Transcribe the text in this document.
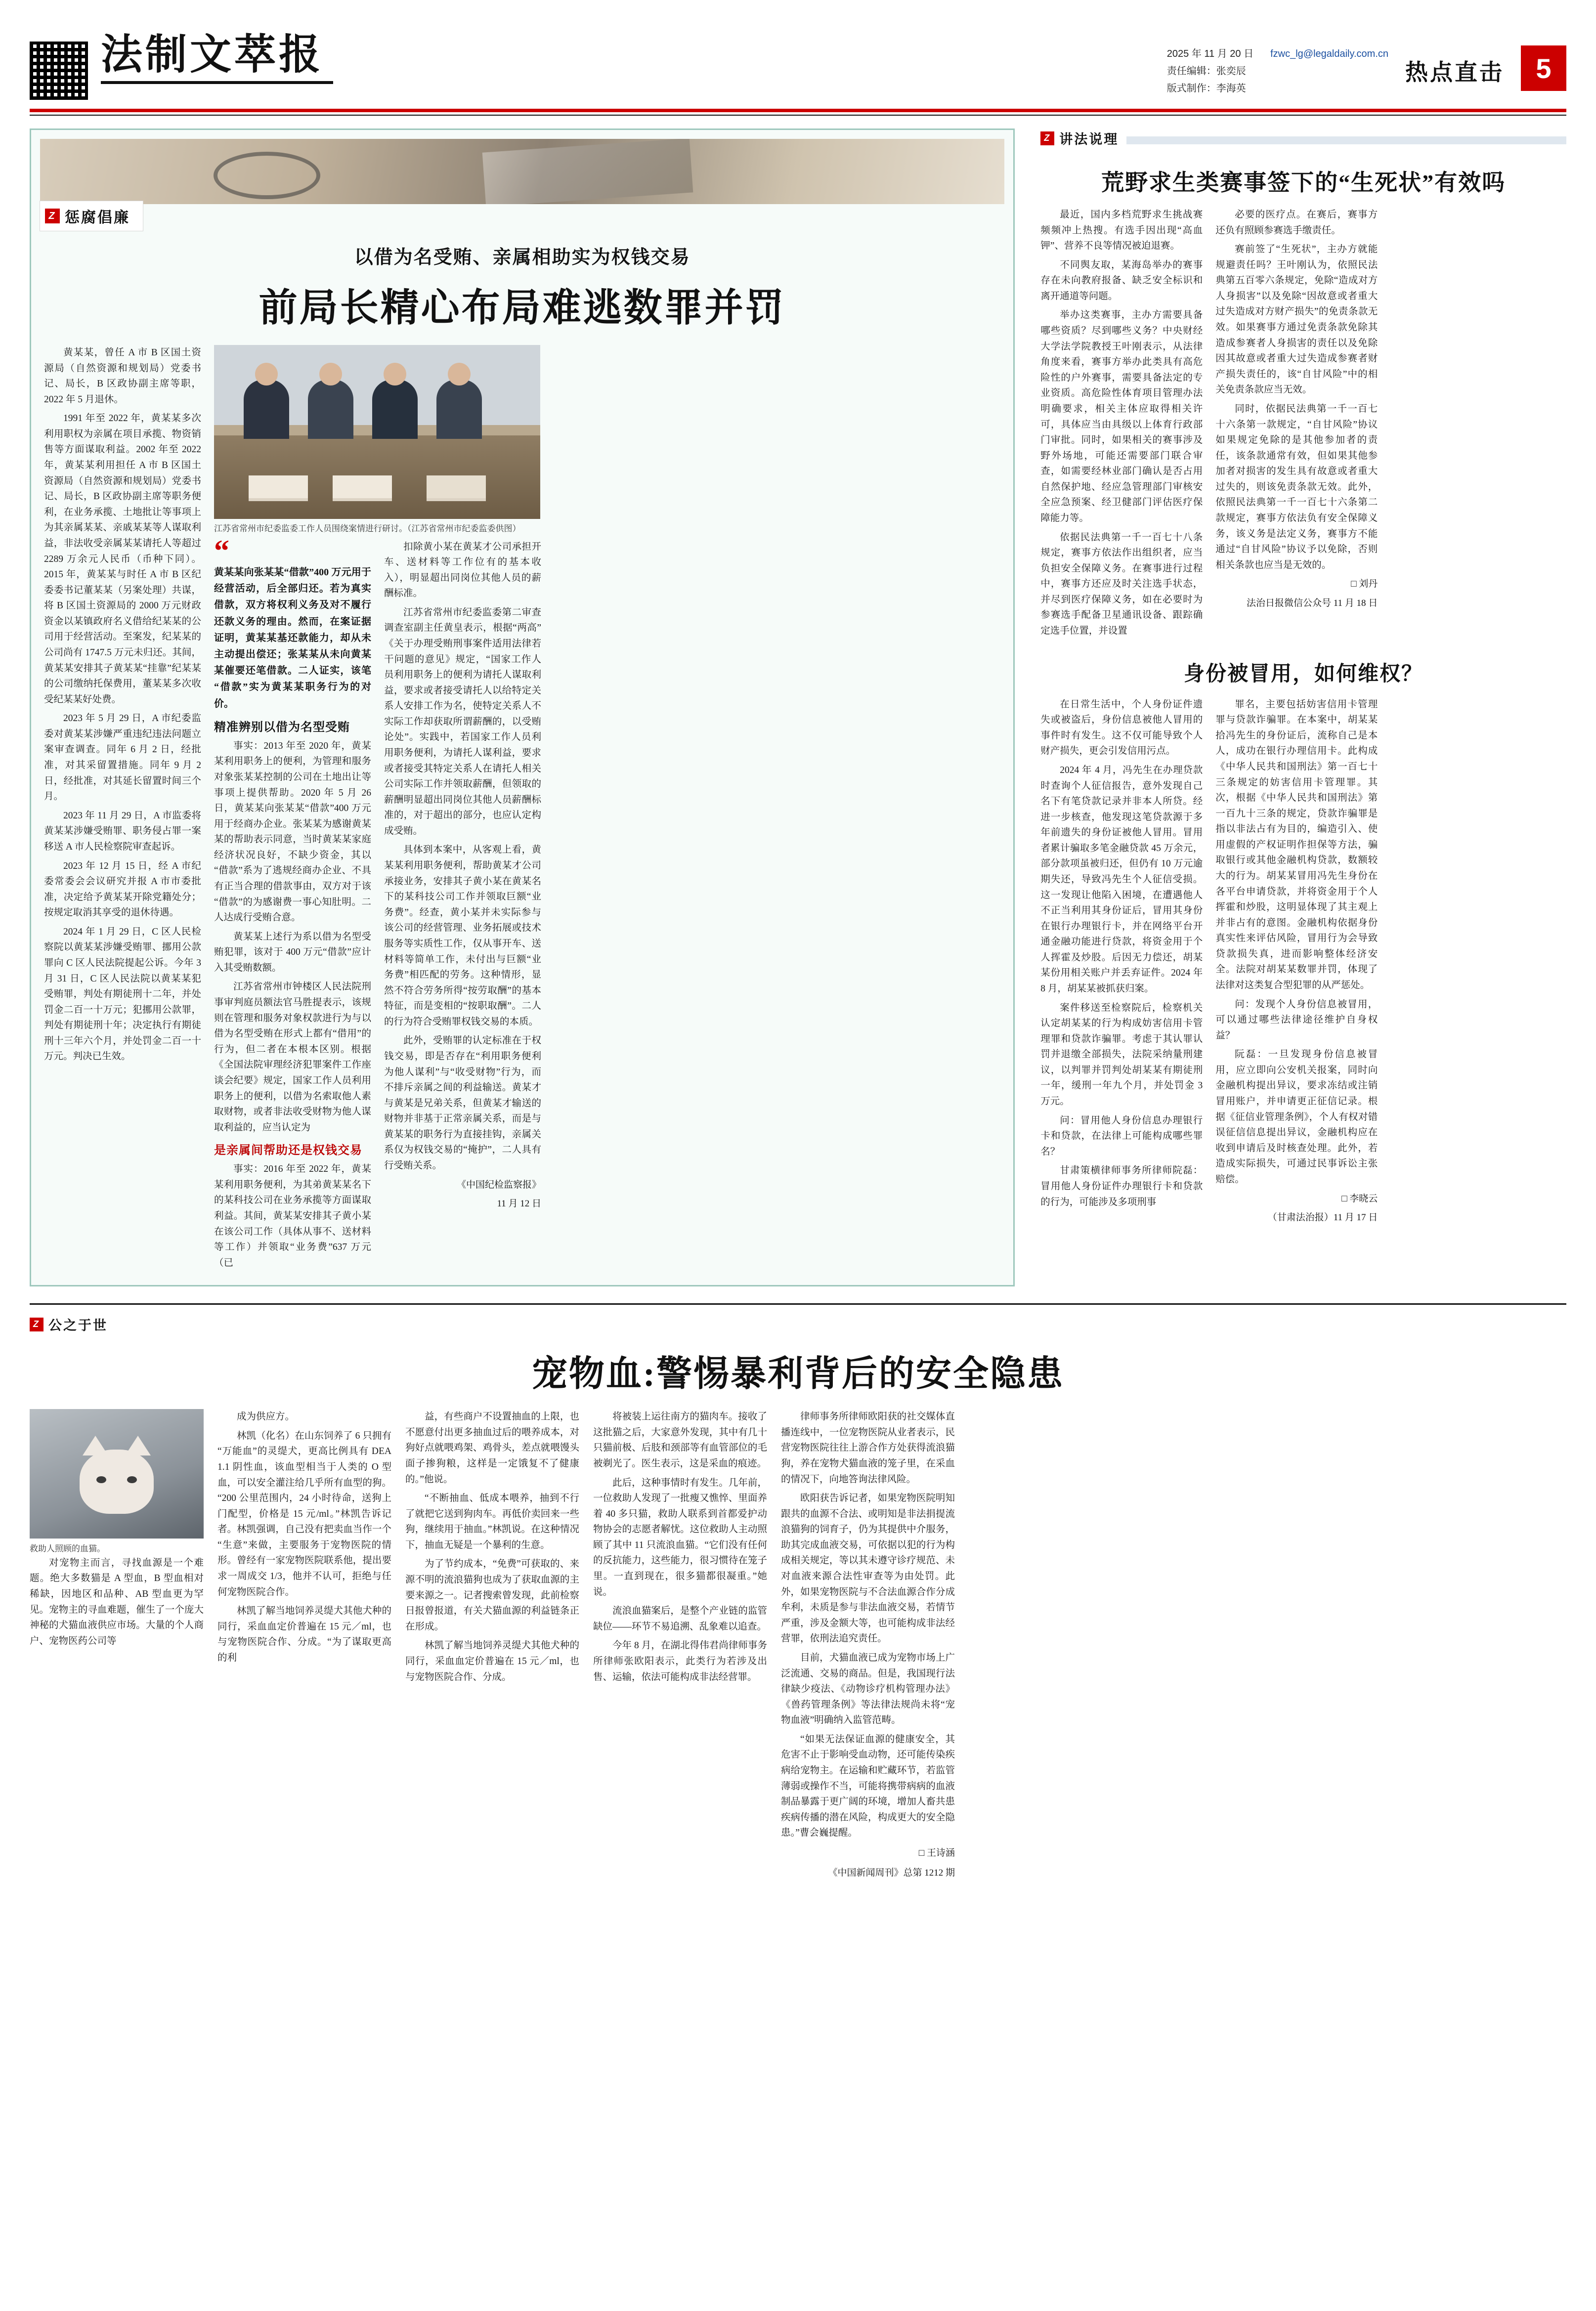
法制文萃报	2025 年 11 月 20 日
责任编辑：张奕辰
版式制作：李海英
fzwc_lg@legaldaily.com.cn
热点直击	5
Z 惩腐倡廉
以借为名受贿、亲属相助实为权钱交易
前局长精心布局难逃数罪并罚

黄某某，曾任 A 市 B 区国土资源局（自然资源和规划局）党委书记、局长，B 区政协副主席等职，2022 年 5 月退休。

1991 年至 2022 年，黄某某多次利用职权为亲属在项目承揽、物资销售等方面谋取利益。2002 年至 2022 年，黄某某利用担任 A 市 B 区国土资源局（自然资源和规划局）党委书记、局长，B 区政协副主席等职务便利，在业务承揽、土地批让等事项上为其亲属某某、亲戚某某等人谋取利益，非法收受亲属某某请托人等超过 2289 万余元人民币（币种下同）。2015 年，黄某某与时任 A 市 B 区纪委委书记董某某（另案处理）共谋，将 B 区国土资源局的 2000 万元财政资金以某镇政府名义借给纪某某的公司用于经营活动。至案发，纪某某的公司尚有 1747.5 万元未归还。其间，黄某某安排其子黄某某“挂靠”纪某某的公司缴纳托保费用，董某某多次收受纪某某好处费。

2023 年 5 月 29 日，A 市纪委监委对黄某某涉嫌严重违纪违法问题立案审查调查。同年 6 月 2 日，经批准，对其采留置措施。同年 9 月 2 日，经批准，对其延长留置时间三个月。

2023 年 11 月 29 日，A 市监委将黄某某涉嫌受贿罪、职务侵占罪一案移送 A 市人民检察院审查起诉。

2023 年 12 月 15 日，经 A 市纪委常委会会议研究并报 A 市市委批准，决定给予黄某某开除党籍处分；按规定取消其享受的退休待遇。

2024 年 1 月 29 日，C 区人民检察院以黄某某涉嫌受贿罪、挪用公款罪向 C 区人民法院提起公诉。今年 3 月 31 日，C 区人民法院以黄某某犯受贿罪，判处有期徒刑十二年，并处罚金二百一十万元；犯挪用公款罪，判处有期徒刑十年；决定执行有期徒刑十三年六个月，并处罚金二百一十万元。判决已生效。

江苏省常州市纪委监委工作人员围绕案情进行研讨。（江苏省常州市纪委监委供图）
“

黄某某向张某某“借款”400 万元用于经营活动，后全部归还。若为真实借款，双方将权利义务及对不履行还款义务的理由。然而，在案证据证明，黄某某基还款能力，却从未主动提出偿还；张某某从未向黄某某催要还笔借款。二人证实，该笔“借款”实为黄某某职务行为的对价。

精准辨别以借为名型受贿

事实：2013 年至 2020 年，黄某某利用职务上的便利，为管理和服务对象张某某控制的公司在土地出让等事项上提供帮助。2020 年 5 月 26 日，黄某某向张某某“借款”400 万元用于经商办企业。张某某为感谢黄某某的帮助表示同意，当时黄某某家庭经济状况良好，不缺少资金，其以“借款”系为了逃规经商办企业、不具有正当合理的借款事由，双方对于该“借款”的为感谢费一事心知肚明。二人达成行受贿合意。

黄某某上述行为系以借为名型受贿犯罪，该对于 400 万元“借款”应计入其受贿数额。

江苏省常州市钟楼区人民法院刑事审判庭员额法官马胜提表示，该规则在管理和服务对象权款进行为与以借为名型受贿在形式上都有“借用”的行为，但二者在本根本区别。根据《全国法院审理经济犯罪案件工作座谈会纪要》规定，国家工作人员利用职务上的便利，以借为名索取他人素取财物，或者非法收受财物为他人谋取利益的，应当认定为

是亲属间帮助还是权钱交易

事实：2016 年至 2022 年，黄某某利用职务便利，为其弟黄某某名下的某科技公司在业务承揽等方面谋取利益。其间，黄某某安排其子黄小某在该公司工作（具体从事不、送材料等工作）并领取“业务费”637 万元（已

扣除黄小某在黄某才公司承担开车、送材料等工作位有的基本收入），明显超出同岗位其他人员的薪酬标准。

江苏省常州市纪委监委第二审查调查室副主任黄皇表示，根据“两高”《关于办理受贿刑事案件适用法律若干问题的意见》规定，“国家工作人员利用职务上的便利为请托人谋取利益，要求或者接受请托人以给特定关系人安排工作为名，使特定关系人不实际工作却获取所谓薪酬的，以受贿论处”。实践中，若国家工作人员利用职务便利，为请托人谋利益，要求或者接受其特定关系人在请托人相关公司实际工作并领取薪酬，但领取的薪酬明显超出同岗位其他人员薪酬标准的，对于超出的部分，也应认定构成受贿。

具体到本案中，从客观上看，黄某某利用职务便利，帮助黄某才公司承接业务，安排其子黄小某在黄某名下的某科技公司工作并领取巨额“业务费”。经查，黄小某并未实际参与该公司的经营管理、业务拓展或技术服务等实质性工作，仅从事开车、送材料等简单工作，未付出与巨额“业务费”相匹配的劳务。这种情形，显然不符合劳务所得“按劳取酬”的基本特征，而是变相的“按职取酬”。二人的行为符合受贿罪权钱交易的本质。

此外，受贿罪的认定标准在于权钱交易，即是否存在“利用职务便利为他人谋利”与“收受财物”行为，而不排斥亲属之间的利益输送。黄某才与黄某是兄弟关系，但黄某才输送的财物并非基于正常亲属关系，而是与黄某某的职务行为直接挂钩，亲属关系仅为权钱交易的“掩护”，二人具有行受贿关系。

《中国纪检监察报》
11 月 12 日
Z 讲法说理
荒野求生类赛事签下的“生死状”有效吗

最近，国内多档荒野求生挑战赛频频冲上热搜。有选手因出现“高血钾”、营养不良等情况被迫退赛。

不同舆友取，某海岛举办的赛事存在未向教府报备、缺乏安全标识和离开通道等问题。

举办这类赛事，主办方需要具备哪些资质？尽到哪些义务？中央财经大学法学院教授王叶刚表示，从法律角度来看，赛事方举办此类具有高危险性的户外赛事，需要具备法定的专业资质。高危险性体育项目管理办法明确要求，相关主体应取得相关许可，具体应当由具级以上体育行政部门审批。同时，如果相关的赛事涉及野外场地，可能还需要部门联合审查，如需要经林业部门确认是否占用自然保护地、经应急管理部门审核安全应急预案、经卫健部门评估医疗保障能力等。

依据民法典第一千一百七十八条规定，赛事方依法作出组织者，应当负担安全保障义务。在赛事进行过程中，赛事方还应及时关注选手状态，并尽到医疗保障义务，如在必要时为参赛选手配备卫星通讯设备、跟踪确定选手位置，并设置

必要的医疗点。在赛后，赛事方还负有照顾参赛选手缴责任。

赛前签了“生死状”，主办方就能规避责任吗？王叶刚认为，依照民法典第五百零六条规定，免除“造成对方人身损害”以及免除“因故意或者重大过失造成对方财产损失”的免责条款无效。如果赛事方通过免责条款免除其造成参赛者人身损害的责任以及免除因其故意或者重大过失造成参赛者财产损失责任的，该“自甘风险”中的相关免责条款应当无效。

同时，依据民法典第一千一百七十六条第一款规定，“自甘风险”协议如果规定免除的是其他参加者的责任，该条款通常有效，但如果其他参加者对损害的发生具有故意或者重大过失的，则该免责条款无效。此外，依照民法典第一千一百七十六条第二款规定，赛事方依法负有安全保障义务，该义务是法定义务，赛事方不能通过“自甘风险”协议予以免除，否则相关条款也应当是无效的。

□ 刘丹
法治日报微信公众号 11 月 18 日
身份被冒用，如何维权？

在日常生活中，个人身份证件遗失或被盗后，身份信息被他人冒用的事件时有发生。这不仅可能导致个人财产损失，更会引发信用污点。

2024 年 4 月，冯先生在办理贷款时查询个人征信报告，意外发现自己名下有笔贷款记录并非本人所贷。经进一步核查，他发现这笔贷款源于多年前遗失的身份证被他人冒用。冒用者累计骗取多笔金融贷款 45 万余元，部分款项虽被归还，但仍有 10 万元逾期失还，导致冯先生个人征信受损。这一发现让他陷入困境，在遭遇他人不正当利用其身份证后，冒用其身份在银行办理银行卡，并在网络平台开通金融功能进行贷款，将资金用于个人挥霍及炒股。后因无力偿还，胡某某份用相关账户并丢弃证件。2024 年 8 月，胡某某被抓获归案。

案件移送至检察院后，检察机关认定胡某某的行为构成妨害信用卡管理罪和贷款诈骗罪。考虑于其认罪认罚并退缴全部损失，法院采纳量刑建议，以判罪并罚判处胡某某有期徒刑一年，缓刑一年九个月，并处罚金 3 万元。

问：冒用他人身份信息办理银行卡和贷款，在法律上可能构成哪些罪名？

甘肃策横律师事务所律师院磊：冒用他人身份证件办理银行卡和贷款的行为，可能涉及多项刑事

罪名，主要包括妨害信用卡管理罪与贷款诈骗罪。在本案中，胡某某拾冯先生的身份证后，流称自己是本人，成功在银行办理信用卡。此构成《中华人民共和国刑法》第一百七十三条规定的妨害信用卡管理罪。其次，根据《中华人民共和国刑法》第一百九十三条的规定，贷款诈骗罪是指以非法占有为目的，编造引入、使用虚假的产权证明作担保等方法，骗取银行或其他金融机构贷款，数额较大的行为。胡某某冒用冯先生身份在各平台申请贷款，并将资金用于个人挥霍和炒股，这明显体现了其主观上并非占有的意图。金融机构依据身份真实性来评估风险，冒用行为会导致贷款损失真，进而影响整体经济安全。法院对胡某某数罪并罚，体现了法律对这类复合型犯罪的从严惩处。

问：发现个人身份信息被冒用，可以通过哪些法律途径维护自身权益？

阮磊：一旦发现身份信息被冒用，应立即向公安机关报案，同时向金融机构提出异议，要求冻结或注销冒用账户，并申请更正征信记录。根据《征信业管理条例》，个人有权对错误征信信息提出异议，金融机构应在收到申请后及时核查处理。此外，若造成实际损失，可通过民事诉讼主张赔偿。

□ 李晓云
（甘肃法治报）11 月 17 日
Z 公之于世
宠物血:警惕暴利背后的安全隐患
救助人照顾的血猫。

对宠物主而言，寻找血源是一个难题。绝大多数猫是 A 型血，B 型血相对稀缺，因地区和品种、AB 型血更为罕见。宠物主的寻血难题，催生了一个庞大神秘的犬猫血液供应市场。大量的个人商户、宠物医药公司等

成为供应方。

林凯（化名）在山东饲养了 6 只拥有“万能血”的灵缇犬，更高比例具有 DEA 1.1 阴性血，该血型相当于人类的 O 型血，可以安全灌注给几乎所有血型的狗。“200 公里范围内，24 小时待命，送狗上门配型，价格是 15 元/ml。”林凯告诉记者。林凯强调，自己没有把卖血当作一个“生意”来做，主要服务于宠物医院的情形。曾经有一家宠物医院联系他，提出要求一周成交 1/3，他并不认可，拒绝与任何宠物医院合作。

林凯了解当地饲养灵缇犬其他犬种的同行，采血血定价普遍在 15 元／ml，也与宠物医院合作、分成。“为了谋取更高的利

益，有些商户不设置抽血的上限，也不愿意付出更多抽血过后的喂养成本，对狗好点就喂鸡架、鸡骨头，差点就喂馒头面子掺狗粮，这样是一定饿复不了健康的。”他说。

“不断抽血、低成本喂养，抽到不行了就把它送到狗肉车。再低价卖回来一些狗，继续用于抽血。”林凯说。在这种情况下，抽血无疑是一个暴利的生意。

为了节约成本，“免费”可获取的、来源不明的流浪猫狗也成为了获取血源的主要来源之一。记者搜索曾发现，此前检察日报曾报道，有关犬猫血源的利益链条正在形成。

林凯了解当地饲养灵缇犬其他犬种的同行，采血血定价普遍在 15 元／ml，也与宠物医院合作、分成。

将被装上运往南方的猫肉车。接收了这批猫之后，大家意外发现，其中有几十只猫前极、后肢和颈部等有血管部位的毛被剃光了。医生表示，这是采血的痕迹。

此后，这种事情时有发生。几年前，一位救助人发现了一批瘦又憔悴、里面养着 40 多只猫，救助人联系到首都爱护动物协会的志愿者解忧。这位救助人主动照顾了其中 11 只流浪血猫。“它们没有任何的反抗能力，这些能力，很习惯待在笼子里。一直到现在，很多猫都很凝重。”她说。

流浪血猫案后，是整个产业链的监管缺位——环节不易追溯、乱象难以追查。

今年 8 月，在湖北得伟君尚律师事务所律师张欧阳表示，此类行为若涉及出售、运输，依法可能构成非法经营罪。

律师事务所律师欧阳获的社交媒体直播连线中，一位宠物医院从业者表示，民营宠物医院往往上游合作方处获得流浪猫狗，养在宠物犬猫血液的笼子里，在采血的情况下，向地答询法律风险。

欧阳获告诉记者，如果宠物医院明知跟共的血源不合法、或明知是非法捐提流浪猫狗的饲育子，仍为其提供中介服务，助其完成血液交易，可依据以犯的行为构成相关规定，等以其未遵守诊疗规范、未对血液来源合法性审查等为由处罚。此外，如果宠物医院与不合法血源合作分成牟利，未质是参与非法血液交易，若情节严重，涉及金额大等，也可能构成非法经营罪，依刑法追究责任。

目前，犬猫血液已成为宠物市场上广泛流通、交易的商品。但是，我国现行法律缺少疫法、《动物诊疗机构管理办法》《兽药管理条例》等法律法规尚未将“宠物血液”明确纳入监管范畴。

“如果无法保证血源的健康安全，其危害不止于影响受血动物，还可能传染疾病给宠物主。在运输和贮藏环节，若监管薄弱或操作不当，可能将携带病病的血液制品暴露于更广阔的环境，增加人畜共患疾病传播的潜在风险，构成更大的安全隐患。”曹会巍提醒。

□ 王诗涵
《中国新闻周刊》总第 1212 期
